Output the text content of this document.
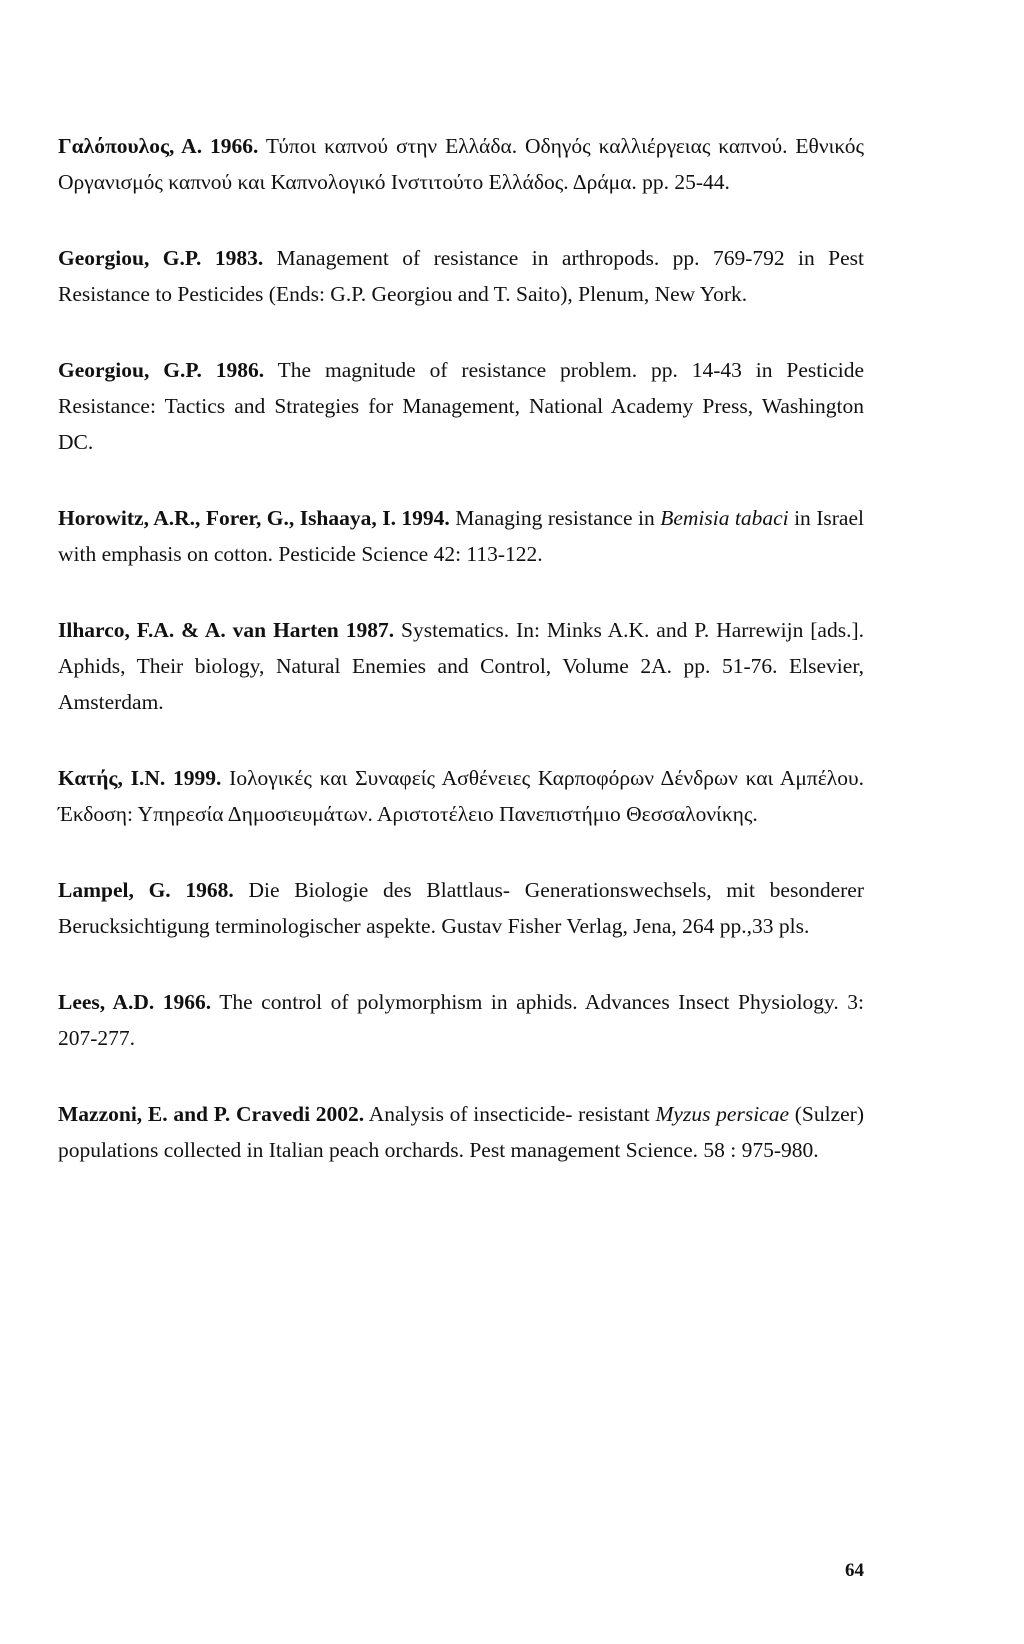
Γαλόπουλος, Α. 1966. Τύποι καπνού στην Ελλάδα. Οδηγός καλλιέργειας καπνού. Εθνικός Οργανισμός καπνού και Καπνολογικό Ινστιτούτο Ελλάδος. Δράμα. pp. 25-44.

Georgiou, G.P. 1983. Management of resistance in arthropods. pp. 769-792 in Pest Resistance to Pesticides (Ends: G.P. Georgiou and T. Saito), Plenum, New York.

Georgiou, G.P. 1986. The magnitude of resistance problem. pp. 14-43 in Pesticide Resistance: Tactics and Strategies for Management, National Academy Press, Washington DC.

Horowitz, A.R., Forer, G., Ishaaya, I. 1994. Managing resistance in Bemisia tabaci in Israel with emphasis on cotton. Pesticide Science 42: 113-122.

Ilharco, F.A. & A. van Harten 1987. Systematics. In: Minks A.K. and P. Harrewijn [ads.]. Aphids, Their biology, Natural Enemies and Control, Volume 2A. pp. 51-76. Elsevier, Amsterdam.

Κατής, I.N. 1999. Ιολογικές και Συναφείς Ασθένειες Καρποφόρων Δένδρων και Αμπέλου. Έκδοση: Υπηρεσία Δημοσιευμάτων. Αριστοτέλειο Πανεπιστήμιο Θεσσαλονίκης.

Lampel, G. 1968. Die Biologie des Blattlaus- Generationswechsels, mit besonderer Berucksichtigung terminologischer aspekte. Gustav Fisher Verlag, Jena, 264 pp.,33 pls.

Lees, A.D. 1966. The control of polymorphism in aphids. Advances Insect Physiology. 3: 207-277.

Mazzoni, E. and P. Cravedi 2002. Analysis of insecticide- resistant Myzus persicae (Sulzer) populations collected in Italian peach orchards. Pest management Science. 58 : 975-980.

64
